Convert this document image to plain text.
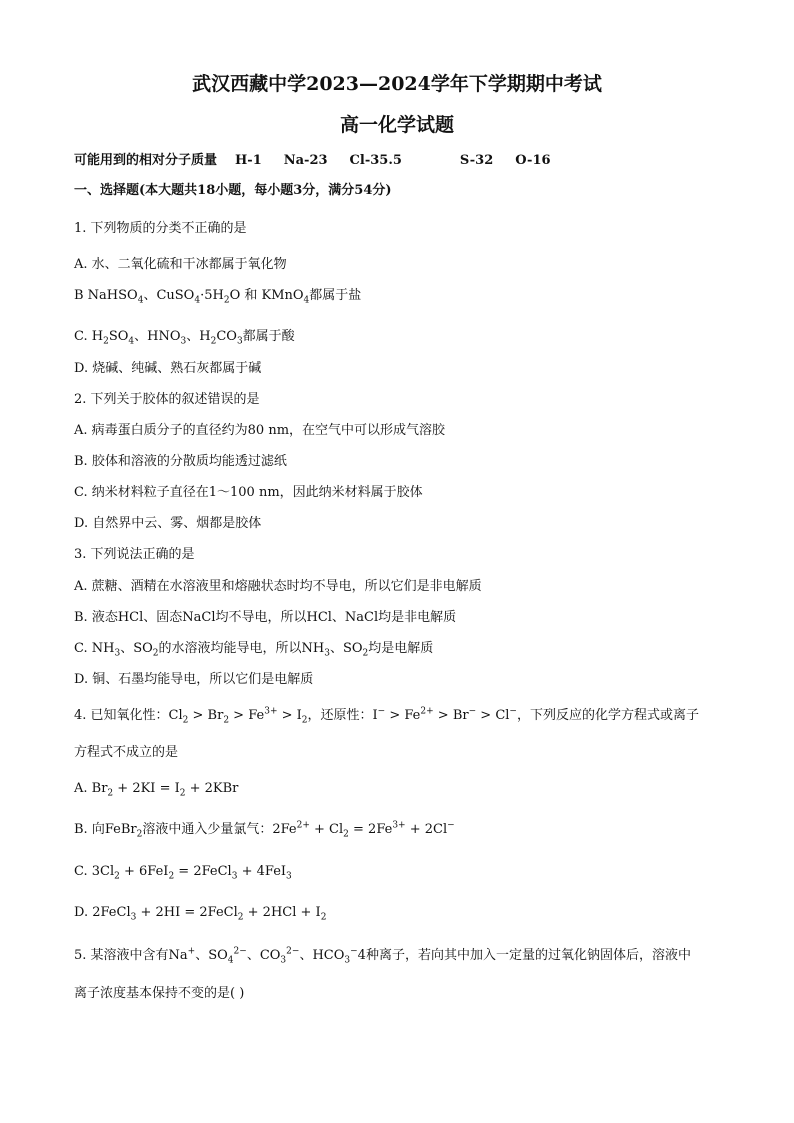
武汉西藏中学2023—2024学年下学期期中考试
高一化学试题
可能用到的相对分子质量 H-1 Na-23 Cl-35.5	S-32 O-16
一、选择题(本大题共18小题，每小题3分，满分54分)
1. 下列物质的分类不正确的是
A. 水、二氧化硫和干冰都属于氧化物
B NaHSO$_4$、$CuSO_4\cdot 5H_2O$ 和 KMnO$_4$都属于盐
C. $H_2SO_4$、$HNO_3$、$H_2CO_3$都属于酸
D. 烧碱、纯碱、熟石灰都属于碱
2. 下列关于胶体的叙述错误的是
A. 病毒蛋白质分子的直径约为80 nm，在空气中可以形成气溶胶
B. 胶体和溶液的分散质均能透过滤纸
C. 纳米材料粒子直径在1～100 nm，因此纳米材料属于胶体
D. 自然界中云、雾、烟都是胶体
3. 下列说法正确的是
A. 蔗糖、酒精在水溶液里和熔融状态时均不导电，所以它们是非电解质
B. 液态HCl、固态NaCl均不导电，所以HCl、NaCl均是非电解质
C. $NH_3$、$SO_2$的水溶液均能导电，所以$NH_3$、$SO_2$均是电解质
D. 铜、石墨均能导电，所以它们是电解质
4. 已知氧化性：$Cl_2 > Br_2 > Fe^{3+} > I_2$，还原性：$I^- > Fe^{2+} > Br^- > Cl^-$，下列反应的化学方程式或离子
方程式不成立的是
A. $Br_2 + 2KI = I_2 + 2KBr$
B. 向FeBr$_2$溶液中通入少量氯气：$2Fe^{2+} + Cl_2 = 2Fe^{3+} + 2Cl^-$
C. $3Cl_2 + 6FeI_2$ = 2FeCl$_3$ + 4FeI$_3$
D. 2FeCl$_3$ + 2HI = 2FeCl$_2$ + $2HCl + I_2$
5. 某溶液中含有Na+、$SO_4^{2-}$、$CO_3^{2-}$、$HCO_3^-4$种离子，若向其中加入一定量的过氧化钠固体后，溶液中
离子浓度基本保持不变的是( )
